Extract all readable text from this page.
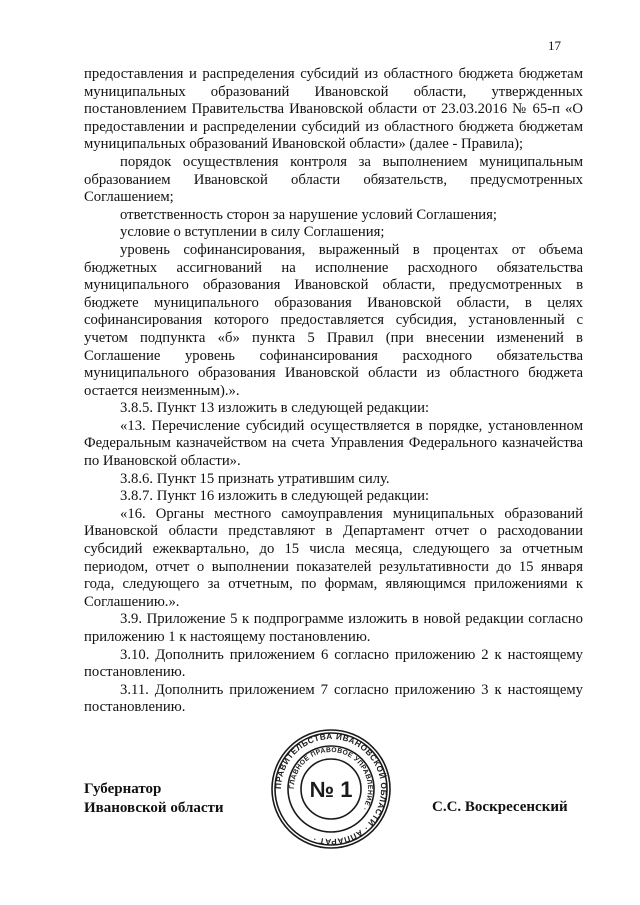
17

предоставления и распределения субсидий из областного бюджета бюджетам муниципальных образований Ивановской области, утвержденных постановлением Правительства Ивановской области от 23.03.2016 № 65-п «О предоставлении и распределении субсидий из областного бюджета бюджетам муниципальных образований Ивановской области» (далее - Правила);

порядок осуществления контроля за выполнением муниципальным образованием Ивановской области обязательств, предусмотренных Соглашением;

ответственность сторон за нарушение условий Соглашения;

условие о вступлении в силу Соглашения;

уровень софинансирования, выраженный в процентах от объема бюджетных ассигнований на исполнение расходного обязательства муниципального образования Ивановской области, предусмотренных в бюджете муниципального образования Ивановской области, в целях софинансирования которого предоставляется субсидия, установленный с учетом подпункта «б» пункта 5 Правил (при внесении изменений в Соглашение уровень софинансирования расходного обязательства муниципального образования Ивановской области из областного бюджета остается неизменным).».

3.8.5. Пункт 13 изложить в следующей редакции:

«13. Перечисление субсидий осуществляется в порядке, установленном Федеральным казначейством на счета Управления Федерального казначейства по Ивановской области».

3.8.6. Пункт 15 признать утратившим силу.

3.8.7. Пункт 16 изложить в следующей редакции:

«16. Органы местного самоуправления муниципальных образований Ивановской области представляют в Департамент отчет о расходовании субсидий ежеквартально, до 15 числа месяца, следующего за отчетным периодом, отчет о выполнении показателей результативности до 15 января года, следующего за отчетным, по формам, являющимся приложениями к Соглашению.».

3.9. Приложение 5 к подпрограмме изложить в новой редакции согласно приложению 1 к настоящему постановлению.

3.10. Дополнить приложением 6 согласно приложению 2 к настоящему постановлению.

3.11. Дополнить приложением 7 согласно приложению 3 к настоящему постановлению.

Губернатор
Ивановской области	С.С. Воскресенский
ПРАВИТЕЛЬСТВА ИВАНОВСКОЙ ОБЛАСТИ · АППАРАТ ·
ГЛАВНОЕ ПРАВОВОЕ УПРАВЛЕНИЕ ·
№ 1
